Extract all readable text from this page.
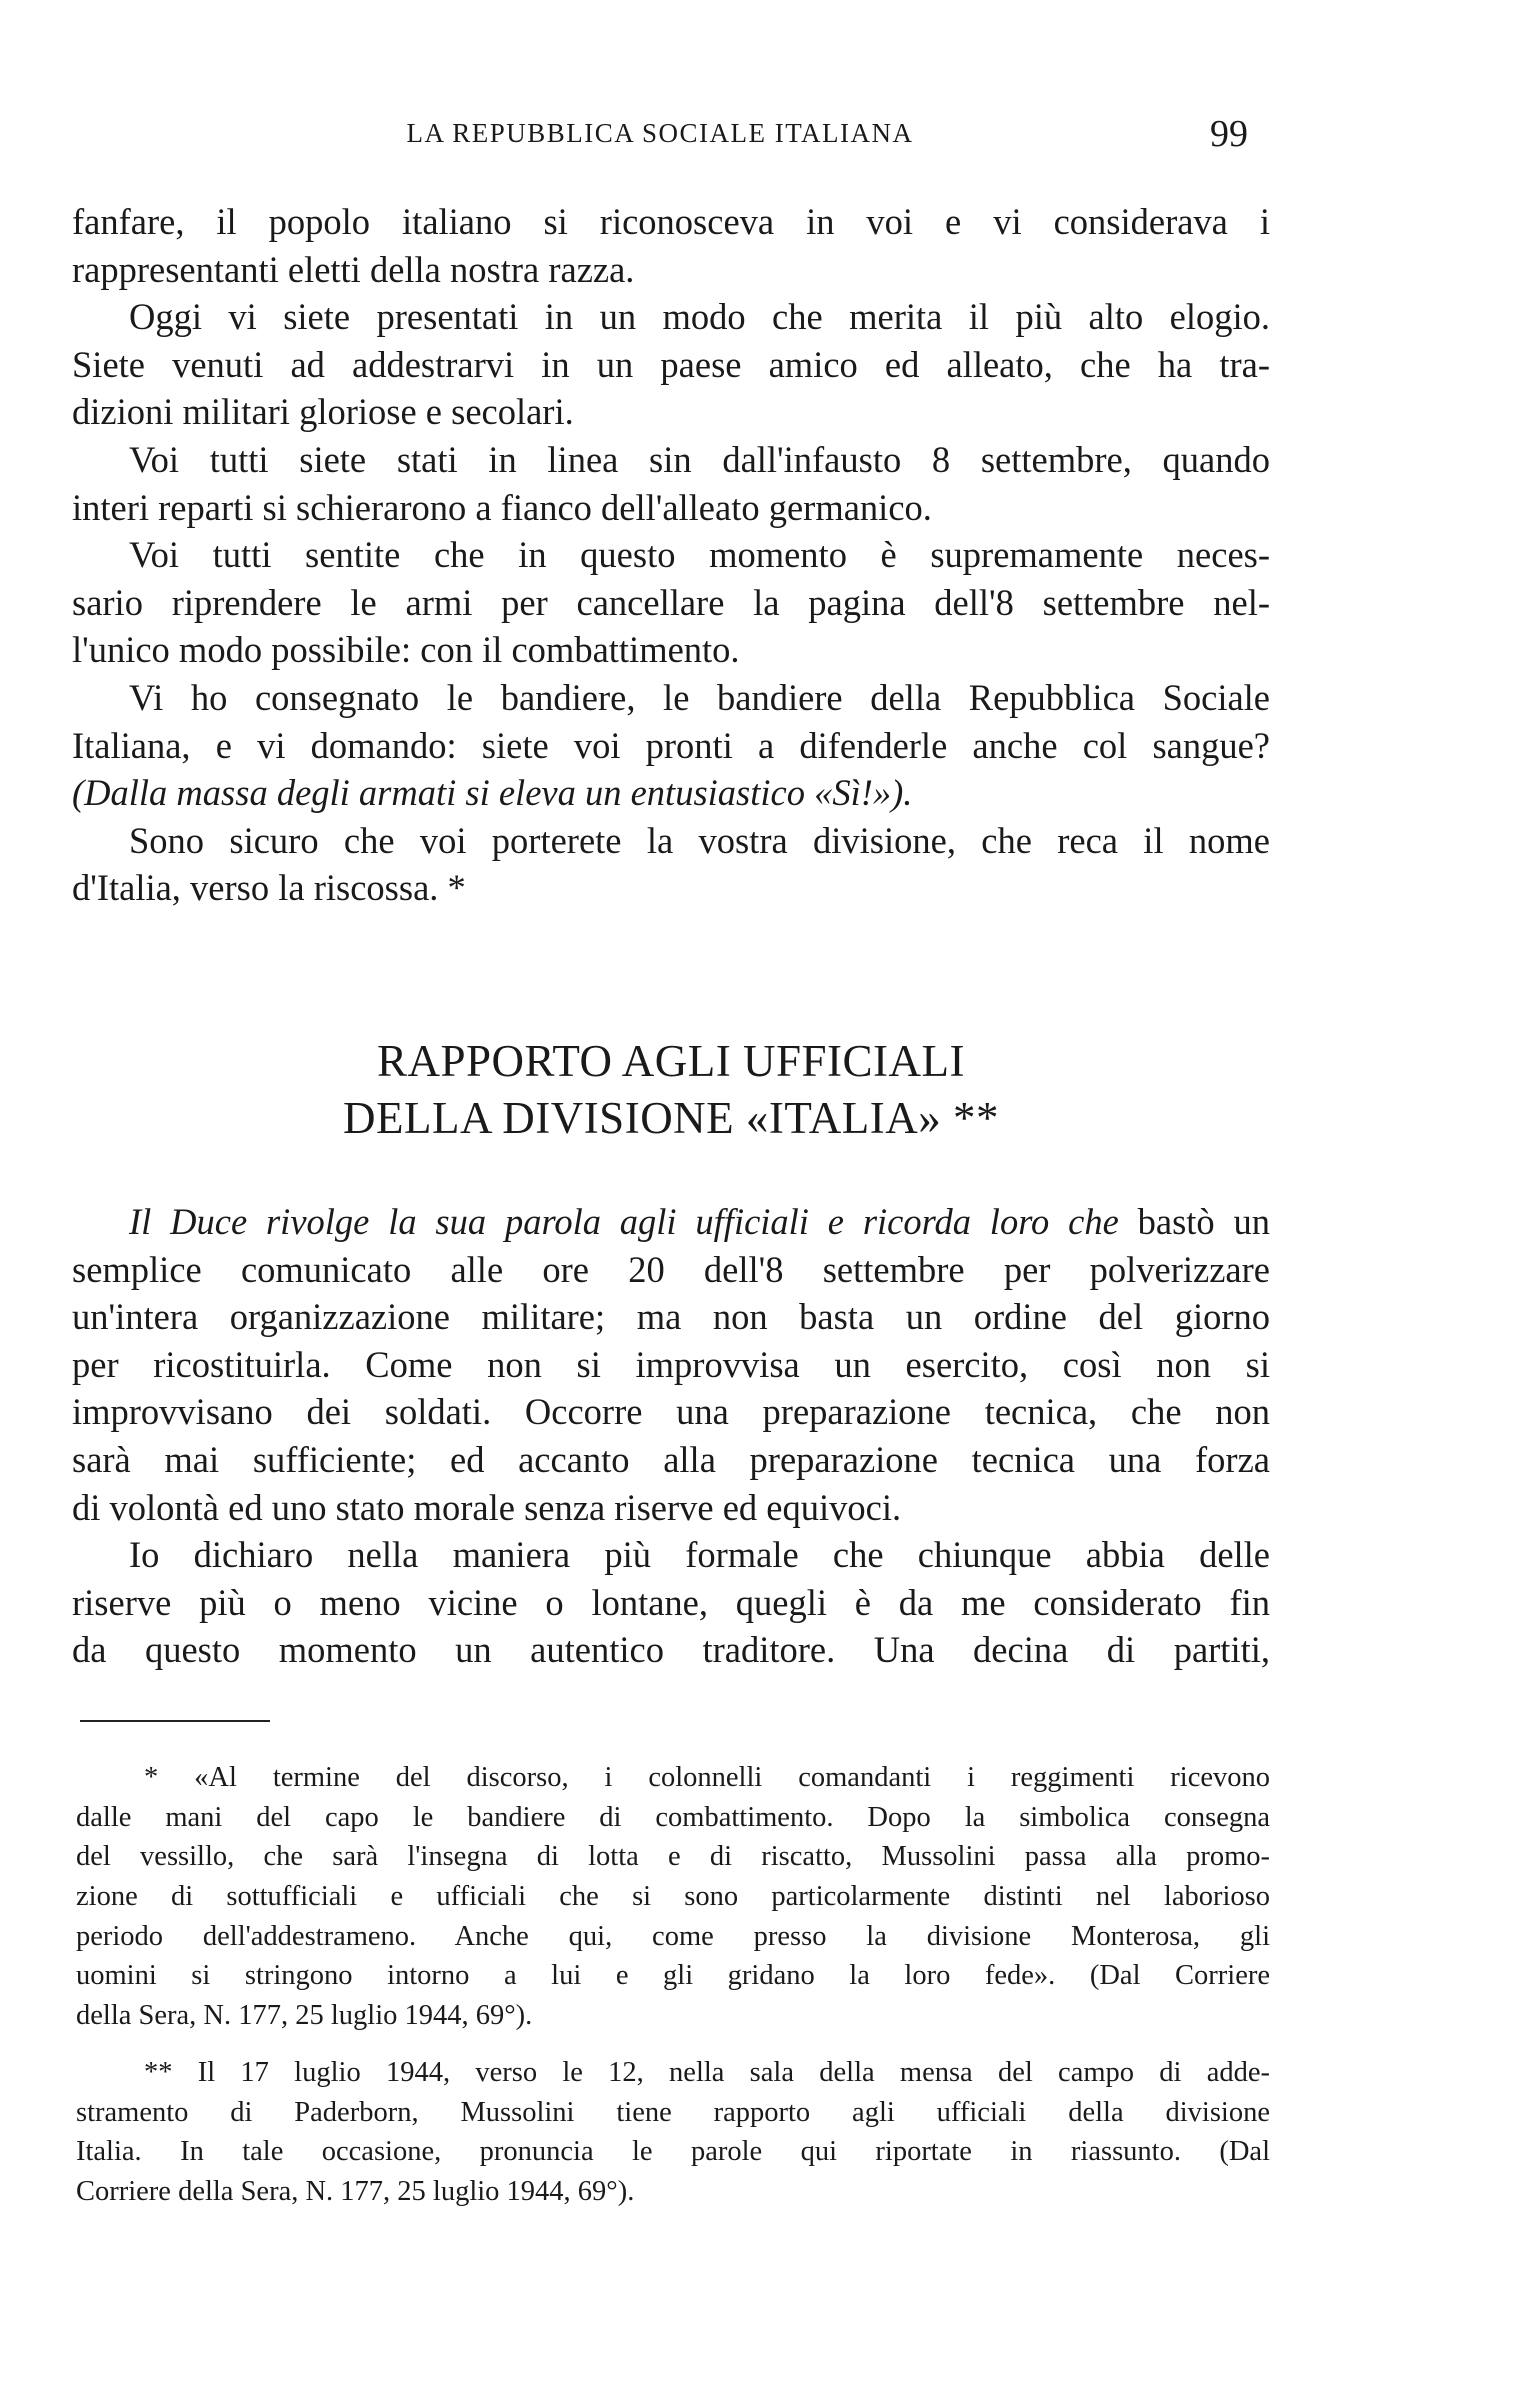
LA REPUBBLICA SOCIALE ITALIANA	99
fanfare, il popolo italiano si riconosceva in voi e vi considerava i
rappresentanti eletti della nostra razza.
Oggi vi siete presentati in un modo che merita il più alto elogio.
Siete venuti ad addestrarvi in un paese amico ed alleato, che ha tra-
dizioni militari gloriose e secolari.
Voi tutti siete stati in linea sin dall'infausto 8 settembre, quando
interi reparti si schierarono a fianco dell'alleato germanico.
Voi tutti sentite che in questo momento è supremamente neces-
sario riprendere le armi per cancellare la pagina dell'8 settembre nel-
l'unico modo possibile: con il combattimento.
Vi ho consegnato le bandiere, le bandiere della Repubblica Sociale
Italiana, e vi domando: siete voi pronti a difenderle anche col sangue?
(Dalla massa degli armati si eleva un entusiastico «Sì!»).
Sono sicuro che voi porterete la vostra divisione, che reca il nome
d'Italia, verso la riscossa. *
RAPPORTO AGLI UFFICIALI
DELLA DIVISIONE «ITALIA» **
Il Duce rivolge la sua parola agli ufficiali e ricorda loro che bastò un
semplice comunicato alle ore 20 dell'8 settembre per polverizzare
un'intera organizzazione militare; ma non basta un ordine del giorno
per ricostituirla. Come non si improvvisa un esercito, così non si
improvvisano dei soldati. Occorre una preparazione tecnica, che non
sarà mai sufficiente; ed accanto alla preparazione tecnica una forza
di volontà ed uno stato morale senza riserve ed equivoci.
Io dichiaro nella maniera più formale che chiunque abbia delle
riserve più o meno vicine o lontane, quegli è da me considerato fin
da questo momento un autentico traditore. Una decina di partiti,
* «Al termine del discorso, i colonnelli comandanti i reggimenti ricevono
dalle mani del capo le bandiere di combattimento. Dopo la simbolica consegna
del vessillo, che sarà l'insegna di lotta e di riscatto, Mussolini passa alla promo-
zione di sottufficiali e ufficiali che si sono particolarmente distinti nel laborioso
periodo dell'addestrameno. Anche qui, come presso la divisione Monterosa, gli
uomini si stringono intorno a lui e gli gridano la loro fede». (Dal Corriere
della Sera, N. 177, 25 luglio 1944, 69°).
** Il 17 luglio 1944, verso le 12, nella sala della mensa del campo di adde-
stramento di Paderborn, Mussolini tiene rapporto agli ufficiali della divisione
Italia. In tale occasione, pronuncia le parole qui riportate in riassunto. (Dal
Corriere della Sera, N. 177, 25 luglio 1944, 69°).
